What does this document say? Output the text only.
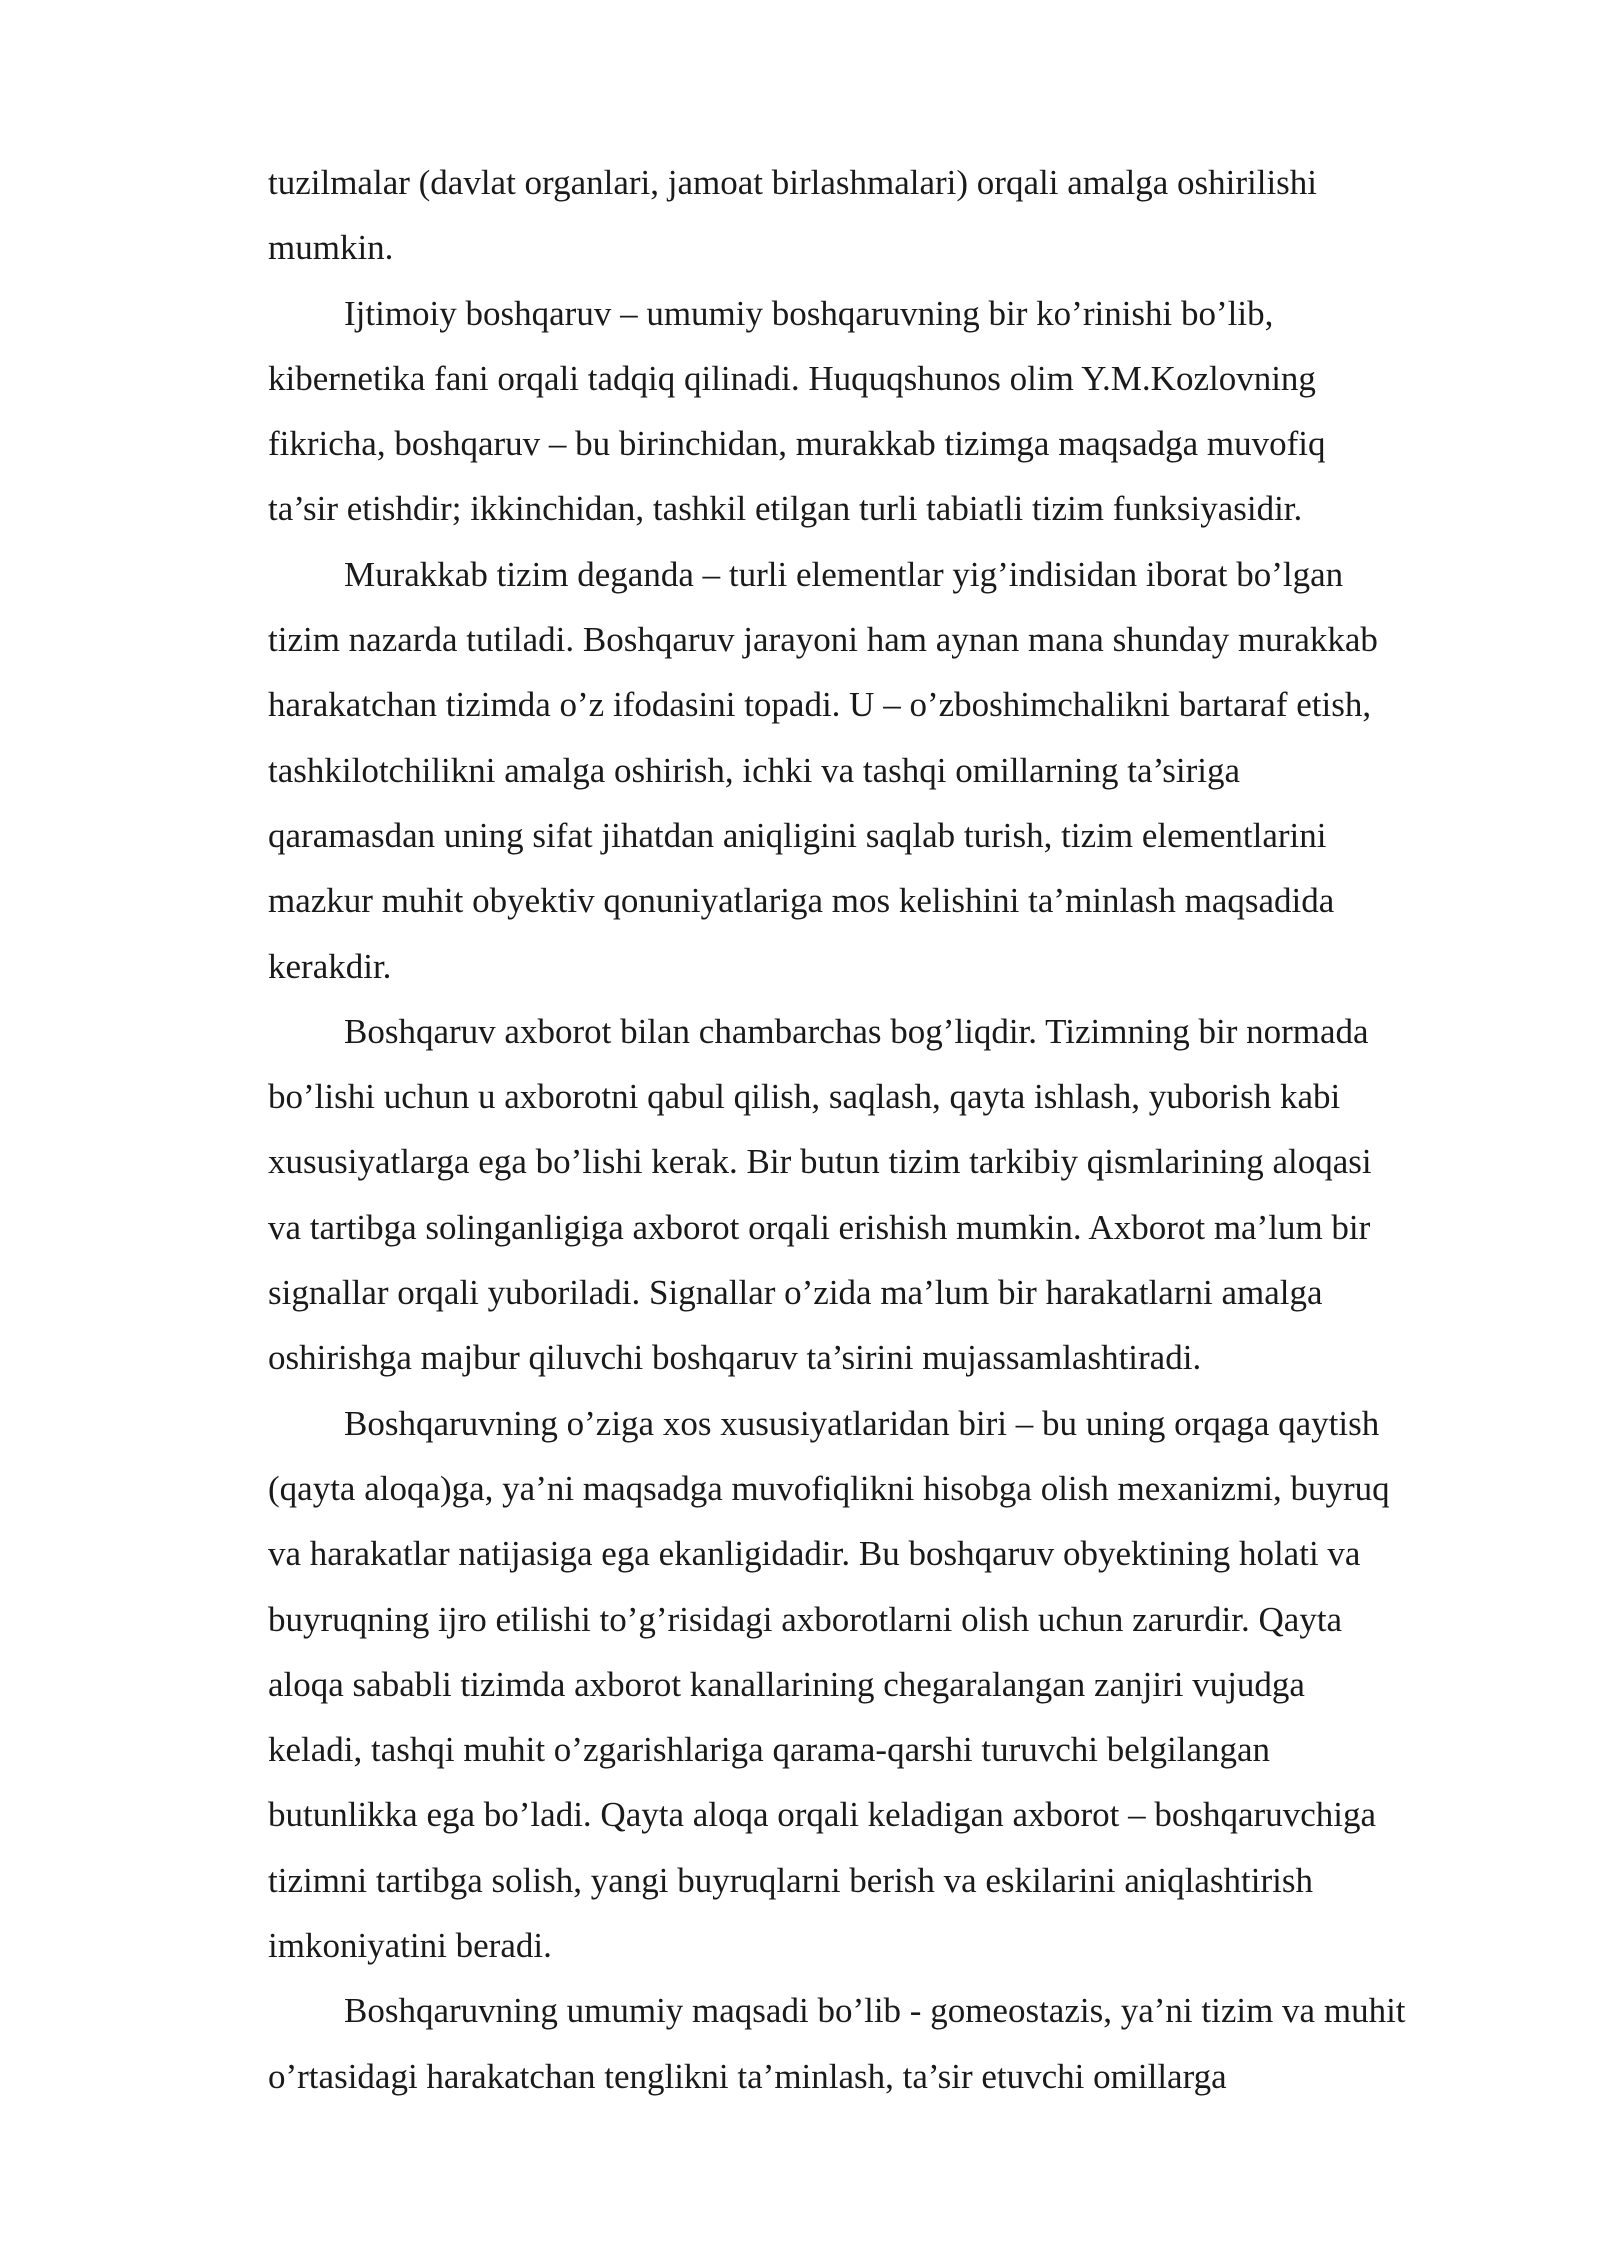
tuzilmalar (davlat organlari, jamoat birlashmalari) orqali amalga oshirilishi
mumkin.

Ijtimoiy boshqaruv – umumiy boshqaruvning bir ko’rinishi bo’lib,
kibernetika fani orqali tadqiq qilinadi. Huquqshunos olim Y.M.Kozlovning
fikricha, boshqaruv – bu birinchidan, murakkab tizimga maqsadga muvofiq
ta’sir etishdir; ikkinchidan, tashkil etilgan turli tabiatli tizim funksiyasidir.

Murakkab tizim deganda – turli elementlar yig’indisidan iborat bo’lgan
tizim nazarda tutiladi. Boshqaruv jarayoni ham aynan mana shunday murakkab
harakatchan tizimda o’z ifodasini topadi. U – o’zboshimchalikni bartaraf etish,
tashkilotchilikni amalga oshirish, ichki va tashqi omillarning ta’siriga
qaramasdan uning sifat jihatdan aniqligini saqlab turish, tizim elementlarini
mazkur muhit obyektiv qonuniyatlariga mos kelishini ta’minlash maqsadida
kerakdir.

Boshqaruv axborot bilan chambarchas bog’liqdir. Tizimning bir normada
bo’lishi uchun u axborotni qabul qilish, saqlash, qayta ishlash, yuborish kabi
xususiyatlarga ega bo’lishi kerak. Bir butun tizim tarkibiy qismlarining aloqasi
va tartibga solinganligiga axborot orqali erishish mumkin. Axborot ma’lum bir
signallar orqali yuboriladi. Signallar o’zida ma’lum bir harakatlarni amalga
oshirishga majbur qiluvchi boshqaruv ta’sirini mujassamlashtiradi.

Boshqaruvning o’ziga xos xususiyatlaridan biri – bu uning orqaga qaytish
(qayta aloqa)ga, ya’ni maqsadga muvofiqlikni hisobga olish mexanizmi, buyruq
va harakatlar natijasiga ega ekanligidadir. Bu boshqaruv obyektining holati va
buyruqning ijro etilishi to’g’risidagi axborotlarni olish uchun zarurdir. Qayta
aloqa sababli tizimda axborot kanallarining chegaralangan zanjiri vujudga
keladi, tashqi muhit o’zgarishlariga qarama-qarshi turuvchi belgilangan
butunlikka ega bo’ladi. Qayta aloqa orqali keladigan axborot – boshqaruvchiga
tizimni tartibga solish, yangi buyruqlarni berish va eskilarini aniqlashtirish
imkoniyatini beradi.

Boshqaruvning umumiy maqsadi bo’lib - gomeostazis, ya’ni tizim va muhit
o’rtasidagi harakatchan tenglikni ta’minlash, ta’sir etuvchi omillarga
